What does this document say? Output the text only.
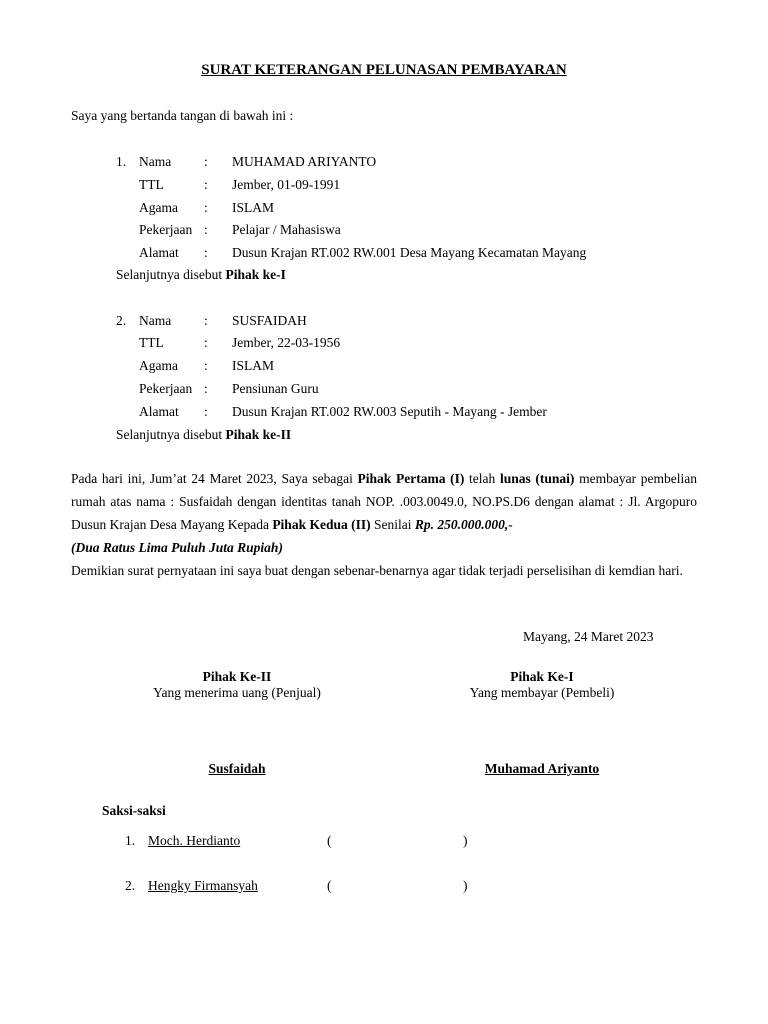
SURAT KETERANGAN PELUNASAN PEMBAYARAN
Saya yang bertanda tangan di bawah ini :
1. Nama : MUHAMAD ARIYANTO
TTL	: Jember, 01-09-1991
Agama : ISLAM
Pekerjaan : Pelajar / Mahasiswa
Alamat : Dusun Krajan RT.002 RW.001 Desa Mayang Kecamatan Mayang
Selanjutnya disebut Pihak ke-I
2. Nama : SUSFAIDAH
TTL	: Jember, 22-03-1956
Agama : ISLAM
Pekerjaan : Pensiunan Guru
Alamat : Dusun Krajan RT.002 RW.003 Seputih - Mayang - Jember
Selanjutnya disebut Pihak ke-II

Pada hari ini, Jum’at 24 Maret 2023, Saya sebagai Pihak Pertama (I) telah lunas (tunai) membayar pembelian rumah atas nama : Susfaidah dengan identitas tanah NOP. .003.0049.0, NO.PS.D6 dengan alamat : Jl. Argopuro Dusun Krajan Desa Mayang Kepada Pihak Kedua (II) Senilai Rp. 250.000.000,-
(Dua Ratus Lima Puluh Juta Rupiah)

Demikian surat pernyataan ini saya buat dengan sebenar-benarnya agar tidak terjadi perselisihan di kemdian hari.

Mayang, 24 Maret 2023
Pihak Ke-II
Yang menerima uang (Penjual)
Susfaidah
Pihak Ke-I
Yang membayar (Pembeli)
Muhamad Ariyanto
Saksi-saksi
1. Moch. Herdianto	(	)
2. Hengky Firmansyah	(	)
